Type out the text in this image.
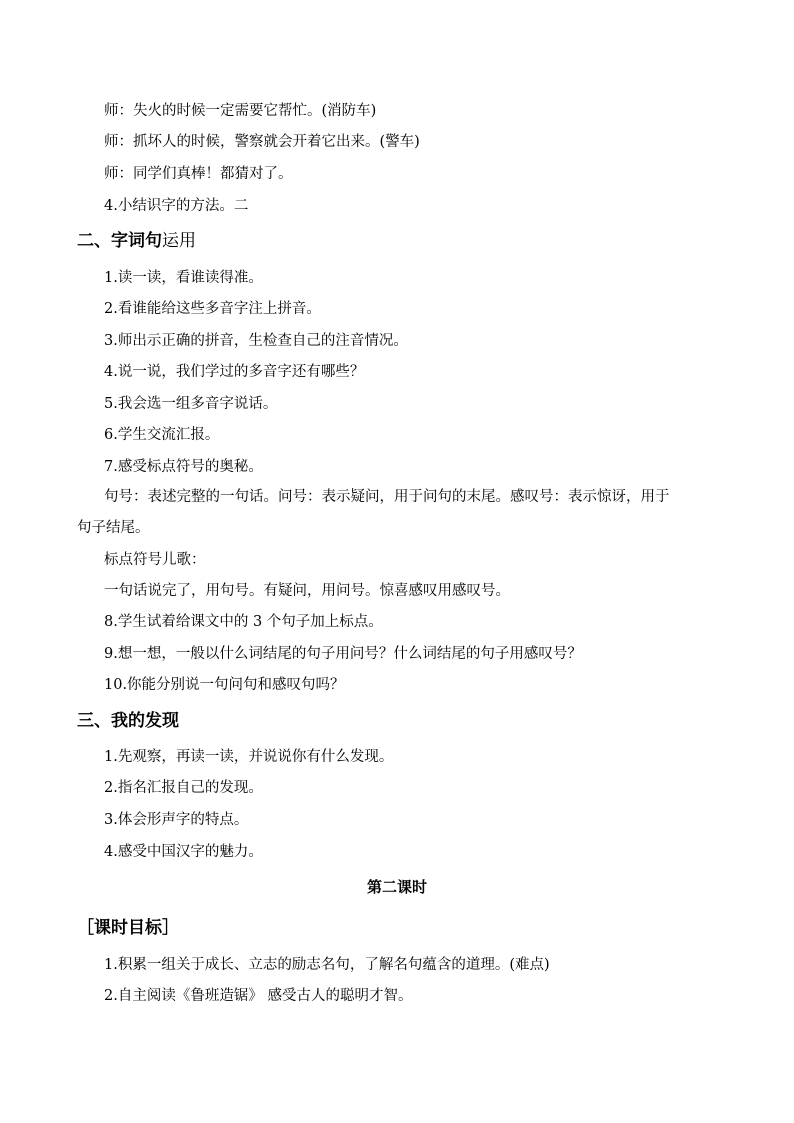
师：失火的时候一定需要它帮忙。(消防车)
师：抓坏人的时候，警察就会开着它出来。(警车)
师：同学们真棒！都猜对了。
4.小结识字的方法。二
二、字词句运用
1.读一读，看谁读得准。
2.看谁能给这些多音字注上拼音。
3.师出示正确的拼音，生检查自己的注音情况。
4.说一说，我们学过的多音字还有哪些？
5.我会选一组多音字说话。
6.学生交流汇报。
7.感受标点符号的奥秘。
句号：表述完整的一句话。问号：表示疑问，用于问句的末尾。感叹号：表示惊讶，用于
句子结尾。
标点符号儿歌：
一句话说完了，用句号。有疑问，用问号。惊喜感叹用感叹号。
8.学生试着给课文中的 3 个句子加上标点。
9.想一想，一般以什么词结尾的句子用问号？什么词结尾的句子用感叹号？
10.你能分别说一句问句和感叹句吗？
三、我的发现
1.先观察，再读一读，并说说你有什么发现。
2.指名汇报自己的发现。
3.体会形声字的特点。
4.感受中国汉字的魅力。
第二课时
［课时目标］
1.积累一组关于成长、立志的励志名句，了解名句蕴含的道理。(难点)
2.自主阅读《鲁班造锯》 感受古人的聪明才智。
